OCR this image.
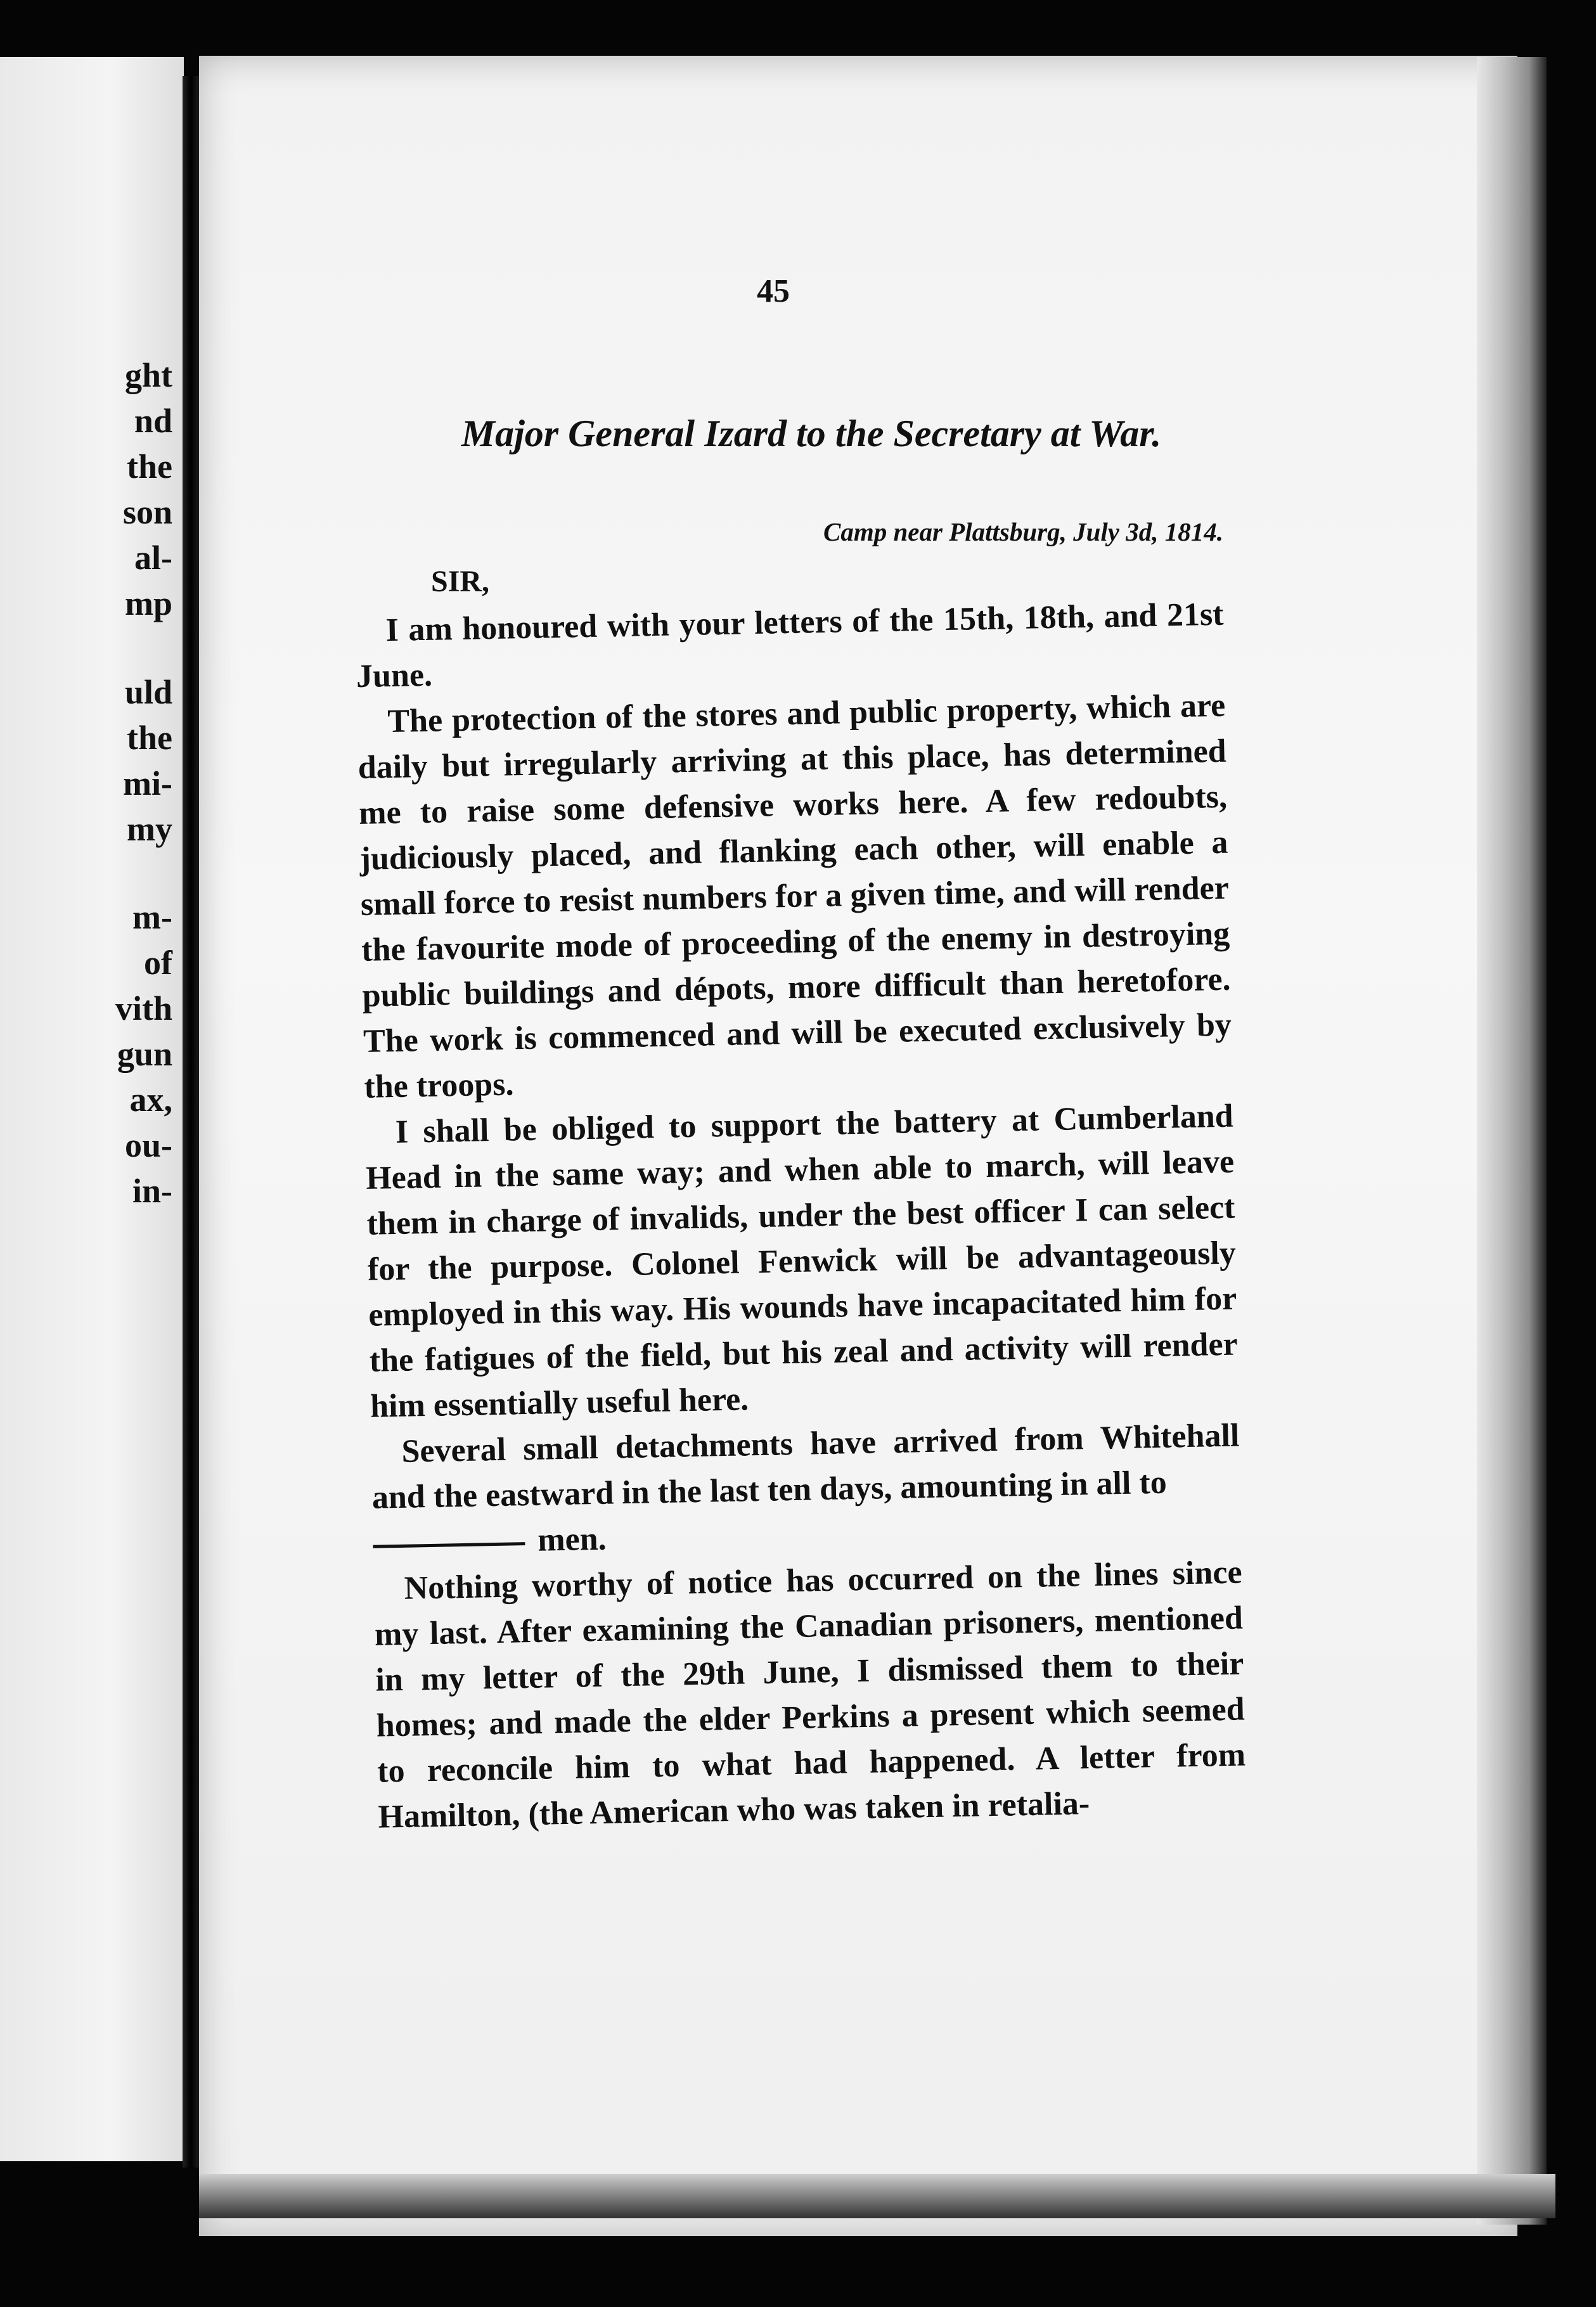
ght
nd
the
son
al-
mp
uld
the
mi-
my
m-
of
vith
gun
ax,
ou-
in-
45
Major General Izard to the Secretary at War.
Camp near Plattsburg, July 3d, 1814.
SIR,

I am honoured with your letters of the 15th, 18th, and 21st June.

The protection of the stores and public property, which are daily but irregularly arriving at this place, has determined me to raise some defensive works here. A few redoubts, judiciously placed, and flanking each other, will enable a small force to resist numbers for a given time, and will render the favourite mode of proceeding of the enemy in destroying public buildings and dépots, more difficult than heretofore. The work is commenced and will be executed exclusively by the troops.

I shall be obliged to support the battery at Cumberland Head in the same way; and when able to march, will leave them in charge of invalids, under the best officer I can select for the purpose. Colonel Fenwick will be advantageously employed in this way. His wounds have incapacitated him for the fatigues of the field, but his zeal and activity will render him essentially useful here.

Several small detachments have arrived from Whitehall and the eastward in the last ten days, amounting in all to

men.

Nothing worthy of notice has occurred on the lines since my last. After examining the Canadian prisoners, mentioned in my letter of the 29th June, I dismissed them to their homes; and made the elder Perkins a present which seemed to reconcile him to what had happened. A letter from Hamilton, (the American who was taken in retalia-
